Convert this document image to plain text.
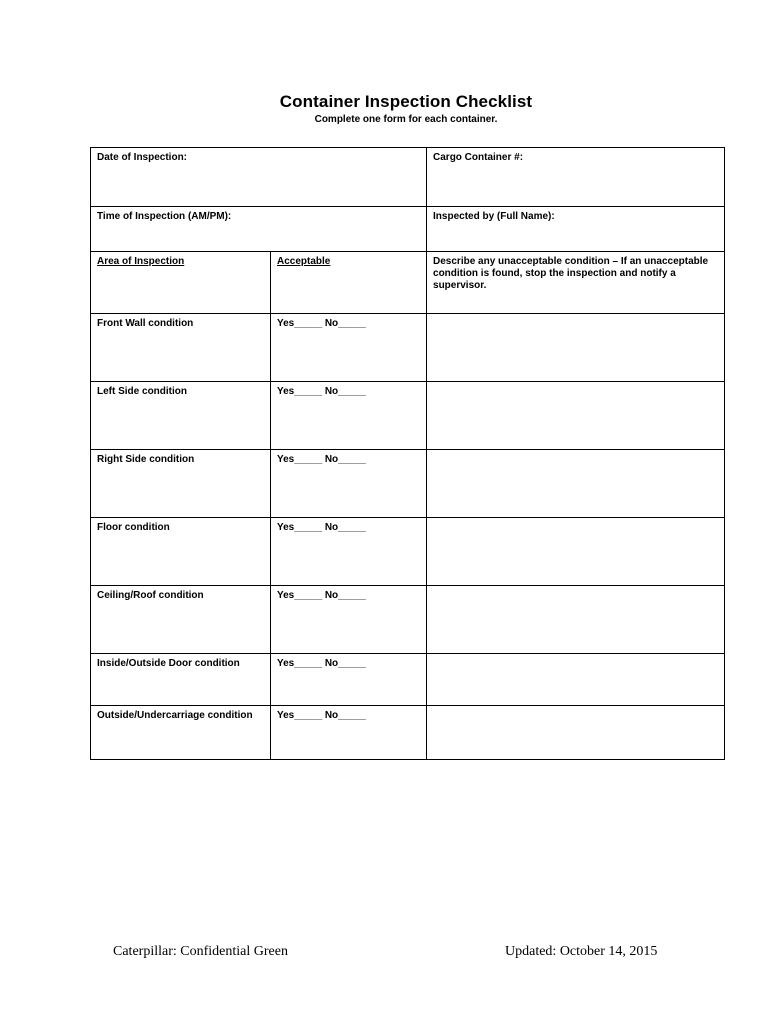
Container Inspection Checklist
Complete one form for each container.
Date of Inspection:		Cargo Container #:
Time of Inspection (AM/PM):		Inspected by (Full Name):
Area of Inspection	Acceptable	Describe any unacceptable condition – If an unacceptable condition is found, stop the inspection and notify a supervisor.
Front Wall condition	Yes_____ No_____	
Left Side condition	Yes_____ No_____	
Right Side condition	Yes_____ No_____	
Floor condition	Yes_____ No_____	
Ceiling/Roof condition	Yes_____ No_____	
Inside/Outside Door condition	Yes_____ No_____	
Outside/Undercarriage condition	Yes_____ No_____	
Caterpillar: Confidential Green	Updated: October 14, 2015
